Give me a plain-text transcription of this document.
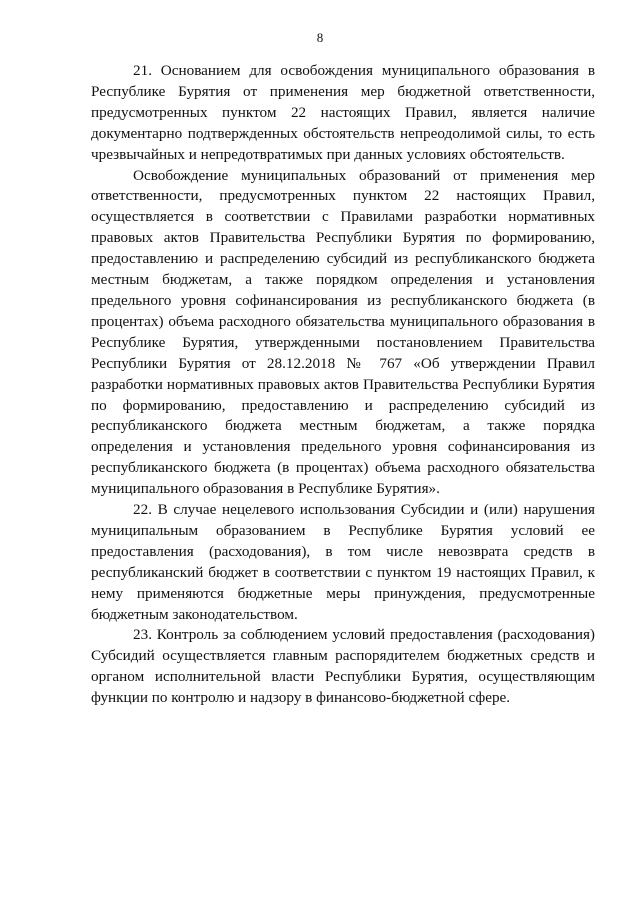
8

21. Основанием для освобождения муниципального образования в Республике Бурятия от применения мер бюджетной ответственности, предусмотренных пунктом 22 настоящих Правил, является наличие документарно подтвержденных обстоятельств непреодолимой силы, то есть чрезвычайных и непредотвратимых при данных условиях обстоятельств.

Освобождение муниципальных образований от применения мер ответственности, предусмотренных пунктом 22 настоящих Правил, осуществляется в соответствии с Правилами разработки нормативных правовых актов Правительства Республики Бурятия по формированию, предоставлению и распределению субсидий из республиканского бюджета местным бюджетам, а также порядком определения и установления предельного уровня софинансирования из республиканского бюджета (в процентах) объема расходного обязательства муниципального образования в Республике Бурятия, утвержденными постановлением Правительства Республики Бурятия от 28.12.2018 № 767 «Об утверждении Правил разработки нормативных правовых актов Правительства Республики Бурятия по формированию, предоставлению и распределению субсидий из республиканского бюджета местным бюджетам, а также порядка определения и установления предельного уровня софинансирования из республиканского бюджета (в процентах) объема расходного обязательства муниципального образования в Республике Бурятия».

22. В случае нецелевого использования Субсидии и (или) нарушения муниципальным образованием в Республике Бурятия условий ее предоставления (расходования), в том числе невозврата средств в республиканский бюджет в соответствии с пунктом 19 настоящих Правил, к нему применяются бюджетные меры принуждения, предусмотренные бюджетным законодательством.

23. Контроль за соблюдением условий предоставления (расходования) Субсидий осуществляется главным распорядителем бюджетных средств и органом исполнительной власти Республики Бурятия, осуществляющим функции по контролю и надзору в финансово-бюджетной сфере.
